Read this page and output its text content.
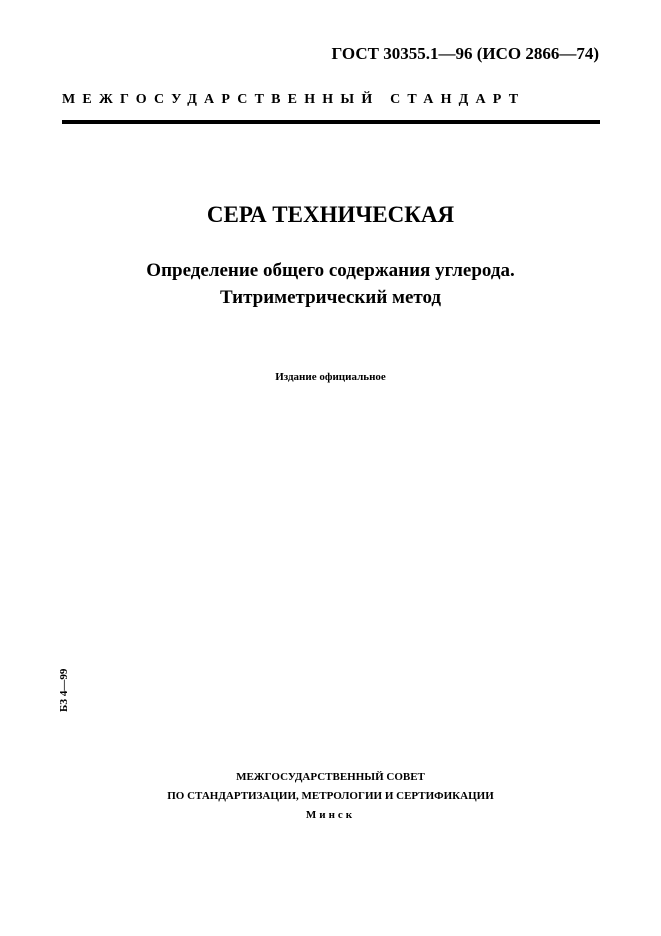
ГОСТ 30355.1—96 (ИСО 2866—74)
МЕЖГОСУДАРСТВЕННЫЙ СТАНДАРТ
СЕРА ТЕХНИЧЕСКАЯ
Определение общего содержания углерода.
Титриметрический метод
Издание официальное
БЗ 4—99
МЕЖГОСУДАРСТВЕННЫЙ СОВЕТ
ПО СТАНДАРТИЗАЦИИ, МЕТРОЛОГИИ И СЕРТИФИКАЦИИ
Минск
